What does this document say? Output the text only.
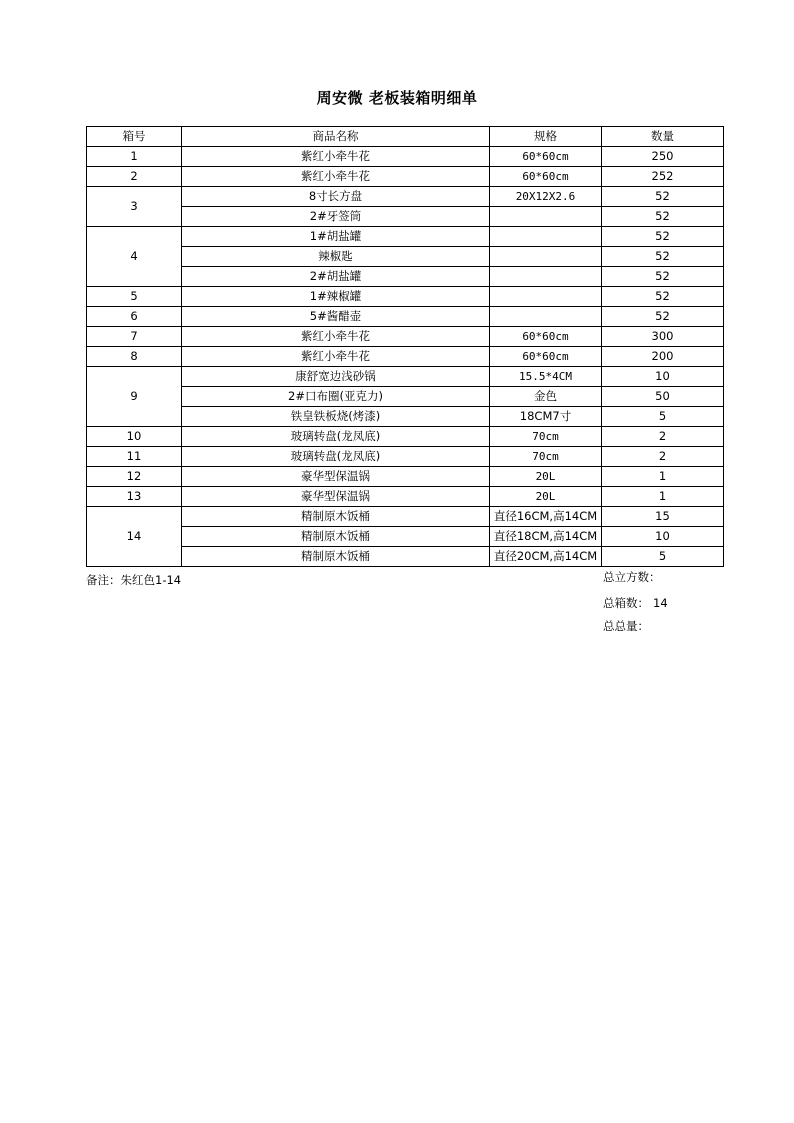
周安微 老板装箱明细单
箱号	商品名称	规格	数量
1	紫红小牵牛花	60*60cm	250
2	紫红小牵牛花	60*60cm	252
3	8寸长方盘	20X12X2.6	52
	2#牙签筒		52
4	1#胡盐罐		52
	辣椒匙		52
	2#胡盐罐		52
5	1#辣椒罐		52
6	5#酱醋壶		52
7	紫红小牵牛花	60*60cm	300
8	紫红小牵牛花	60*60cm	200
9	康舒宽边浅砂锅	15.5*4CM	10
	2#口布圈(亚克力)	金色	50
	铁皇铁板烧(烤漆)	18CM7寸	5
10	玻璃转盘(龙凤底)	70cm	2
11	玻璃转盘(龙凤底)	70cm	2
12	豪华型保温锅	20L	1
13	豪华型保温锅	20L	1
14	精制原木饭桶	直径16CM,高14CM	15
	精制原木饭桶	直径18CM,高14CM	10
	精制原木饭桶	直径20CM,高14CM	5
备注：朱红色1-14	总立方数：
总箱数： 14
总总量：
